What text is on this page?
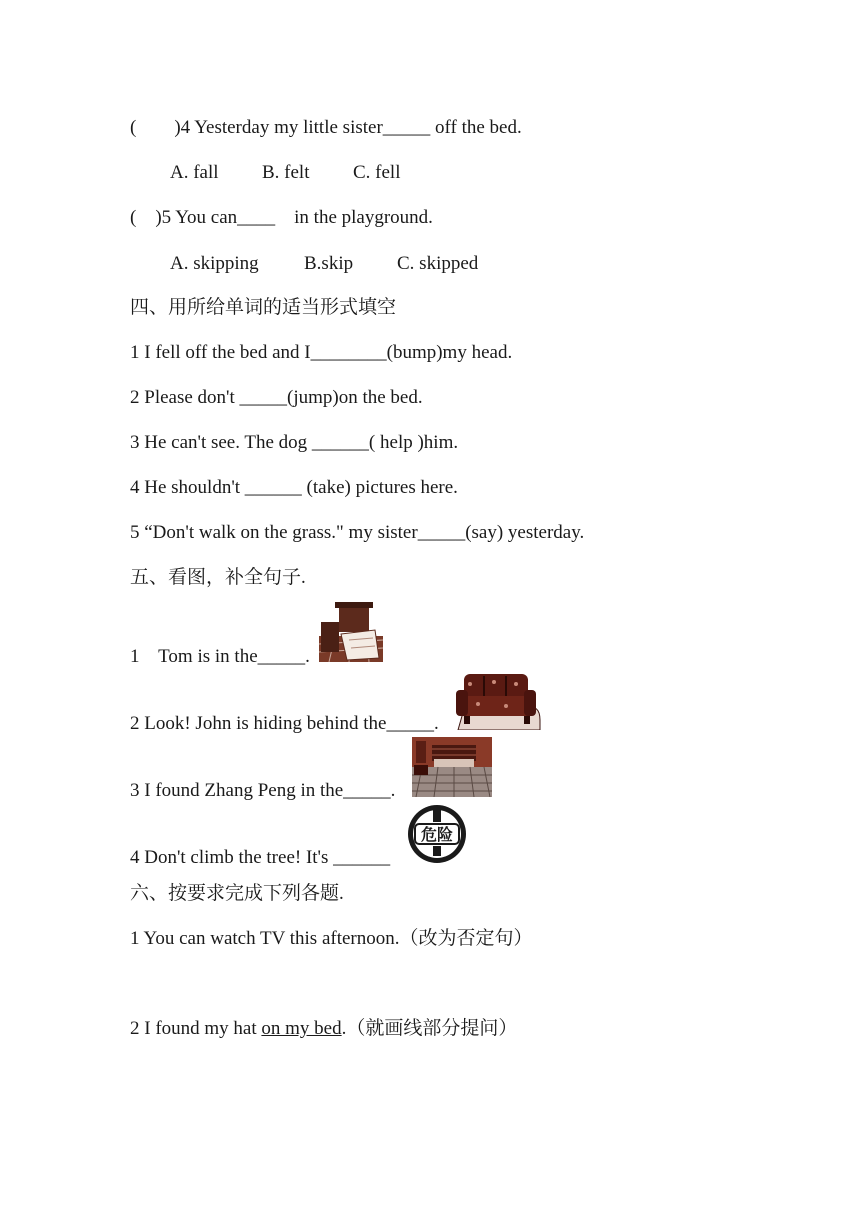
(        )4 Yesterday my little sister_____ off the bed.
A. fall B. felt C. fell
(    )5 You can____    in the playground.
A. skipping B.skip C. skipped
四、用所给单词的适当形式填空
1 I fell off the bed and I________(bump)my head.
2 Please don't _____(jump)on the bed.
3 He can't see. The dog ______( help )him.
4 He shouldn't ______ (take) pictures here.
5 “Don't walk on the grass." my sister_____(say) yesterday.
五、看图，补全句子.
1    Tom is in the_____.
2 Look! John is hiding behind the_____.
3 I found Zhang Peng in the_____.
4 Don't climb the tree! It's ______
危险
六、按要求完成下列各题.
1 You can watch TV this afternoon.（改为否定句）
2 I found my hat on my bed.（就画线部分提问）
